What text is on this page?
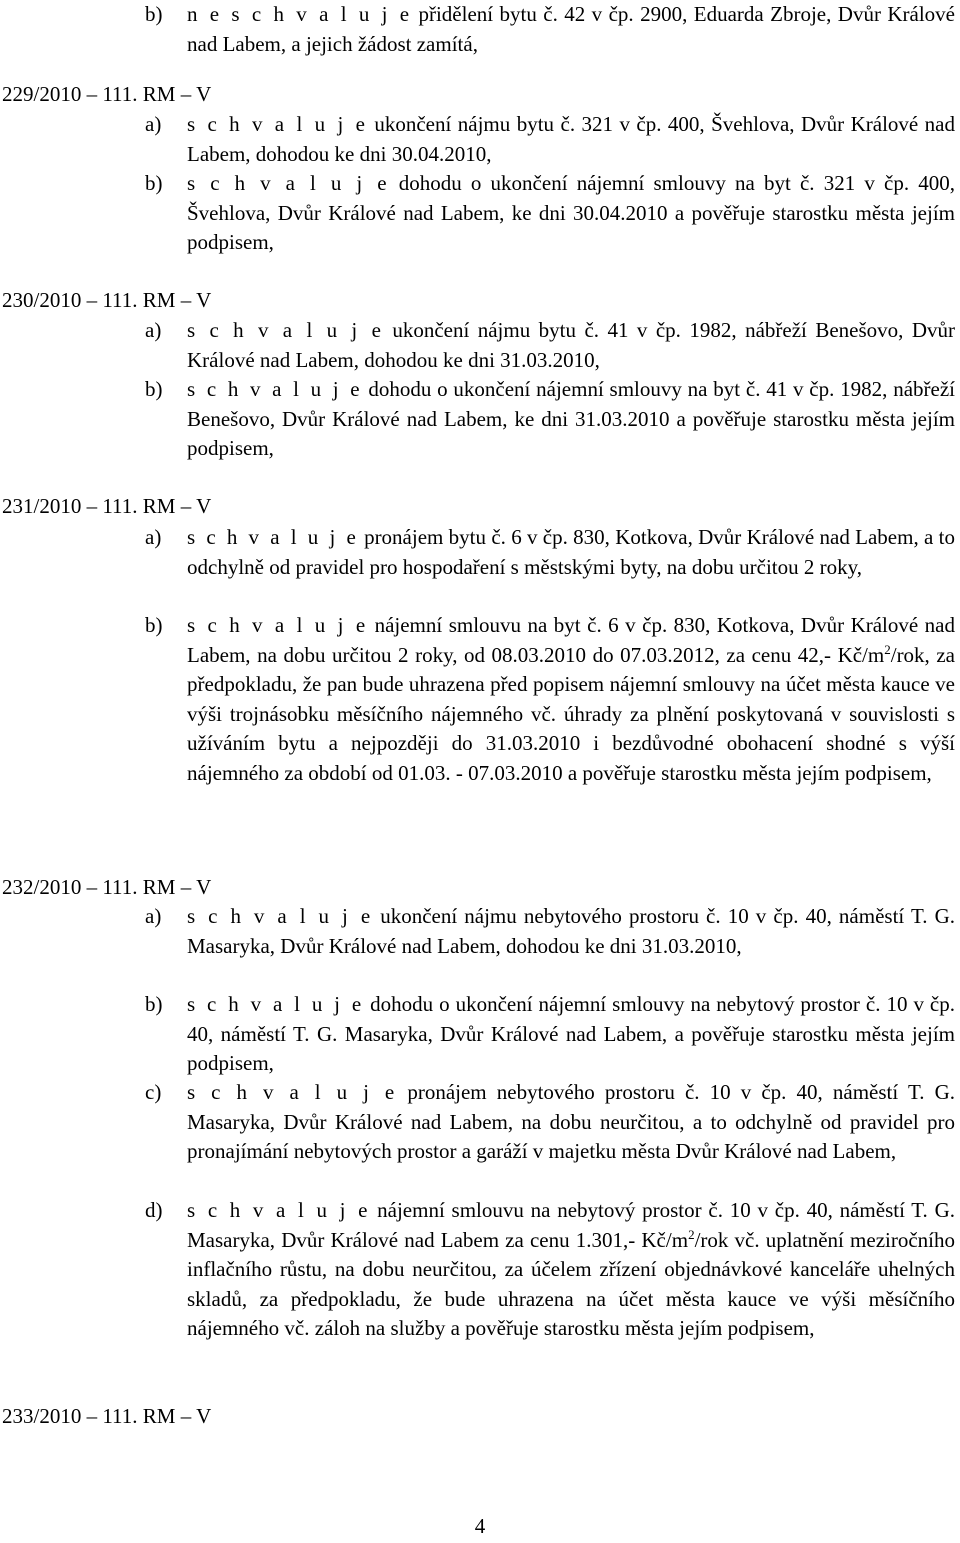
b) n e s c h v a l u j e přidělení bytu č. 42 v čp. 2900, Eduarda Zbroje, Dvůr Králové nad Labem, a jejich žádost zamítá,
229/2010 – 111. RM – V
a) s c h v a l u j e ukončení nájmu bytu č. 321 v čp. 400, Švehlova, Dvůr Králové nad Labem, dohodou ke dni 30.04.2010,
b) s c h v a l u j e dohodu o ukončení nájemní smlouvy na byt č. 321 v čp. 400, Švehlova, Dvůr Králové nad Labem, ke dni 30.04.2010 a pověřuje starostku města jejím podpisem,
230/2010 – 111. RM – V
a) s c h v a l u j e ukončení nájmu bytu č. 41 v čp. 1982, nábřeží Benešovo, Dvůr Králové nad Labem, dohodou ke dni 31.03.2010,
b) s c h v a l u j e dohodu o ukončení nájemní smlouvy na byt č. 41 v čp. 1982, nábřeží Benešovo, Dvůr Králové nad Labem, ke dni 31.03.2010 a pověřuje starostku města jejím podpisem,
231/2010 – 111. RM – V
a) s c h v a l u j e pronájem bytu č. 6 v čp. 830, Kotkova, Dvůr Králové nad Labem, a to odchylně od pravidel pro hospodaření s městskými byty, na dobu určitou 2 roky,
b) s c h v a l u j e nájemní smlouvu na byt č. 6 v čp. 830, Kotkova, Dvůr Králové nad Labem, na dobu určitou 2 roky, od 08.03.2010 do 07.03.2012, za cenu 42,- $Kč/m^2$/rok, za předpokladu, že pan bude uhrazena před popisem nájemní smlouvy na účet města kauce ve výši trojnásobku měsíčního nájemného vč. úhrady za plnění poskytovaná v souvislosti s užíváním bytu a nejpozději do 31.03.2010 i bezdůvodné obohacení shodné s výší nájemného za období od 01.03. - 07.03.2010 a pověřuje starostku města jejím podpisem,
232/2010 – 111. RM – V
a) s c h v a l u j e ukončení nájmu nebytového prostoru č. 10 v čp. 40, náměstí T. G. Masaryka, Dvůr Králové nad Labem, dohodou ke dni 31.03.2010,
b) s c h v a l u j e dohodu o ukončení nájemní smlouvy na nebytový prostor č. 10 v čp. 40, náměstí T. G. Masaryka, Dvůr Králové nad Labem, a pověřuje starostku města jejím podpisem,
c) s c h v a l u j e pronájem nebytového prostoru č. 10 v čp. 40, náměstí T. G. Masaryka, Dvůr Králové nad Labem, na dobu neurčitou, a to odchylně od pravidel pro pronajímání nebytových prostor a garáží v majetku města Dvůr Králové nad Labem,
d) s c h v a l u j e nájemní smlouvu na nebytový prostor č. 10 v čp. 40, náměstí T. G. Masaryka, Dvůr Králové nad Labem za cenu 1.301,- $Kč/m^2$/rok vč. uplatnění meziročního inflačního růstu, na dobu neurčitou, za účelem zřízení objednávkové kanceláře uhelných skladů, za předpokladu, že bude uhrazena na účet města kauce ve výši měsíčního nájemného vč. záloh na služby a pověřuje starostku města jejím podpisem,
233/2010 – 111. RM – V
4
